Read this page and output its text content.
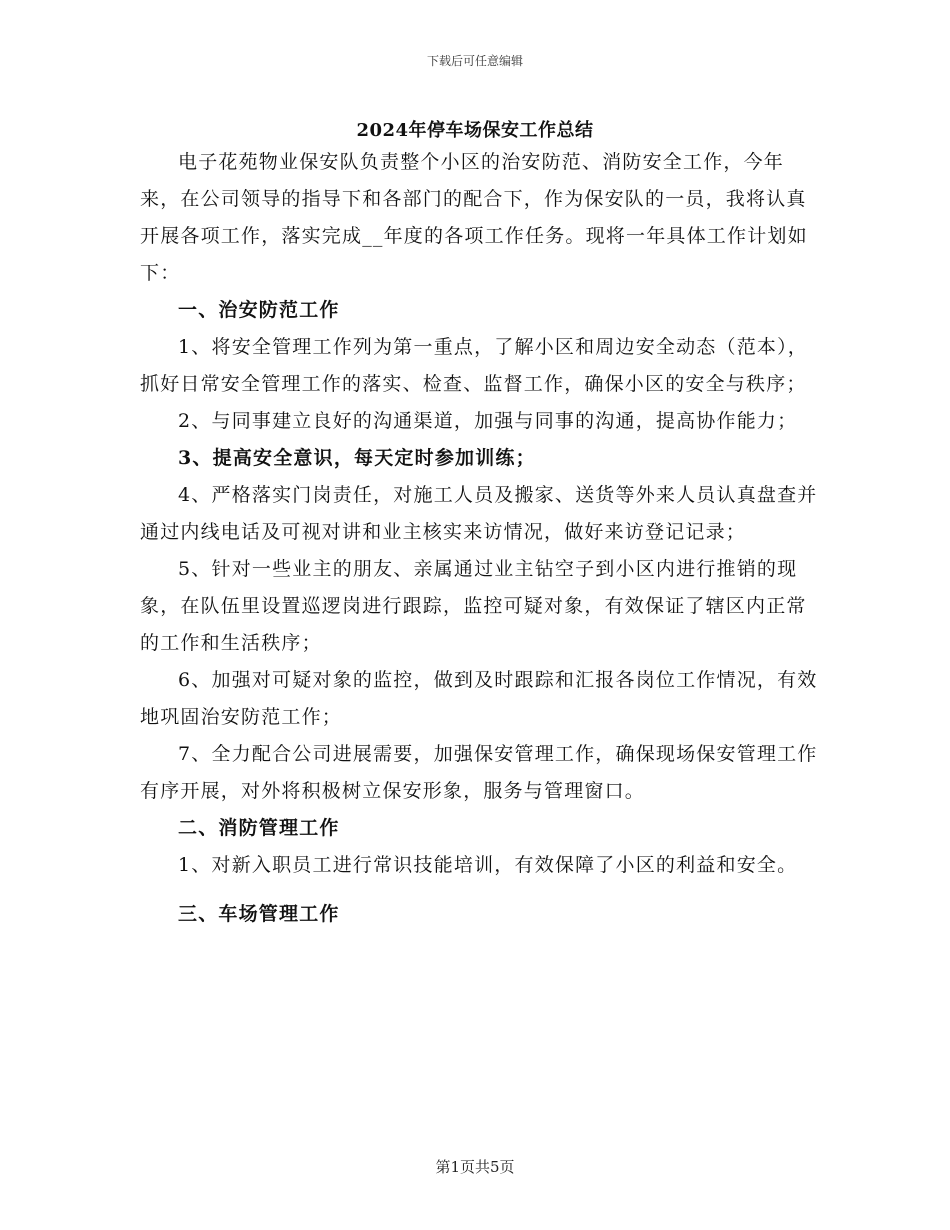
下载后可任意编辑
2024年停车场保安工作总结

电子花苑物业保安队负责整个小区的治安防范、消防安全工作，今年来，在公司领导的指导下和各部门的配合下，作为保安队的一员，我将认真开展各项工作，落实完成__年度的各项工作任务。现将一年具体工作计划如下：

一、治安防范工作

1、将安全管理工作列为第一重点，了解小区和周边安全动态（范本），抓好日常安全管理工作的落实、检查、监督工作，确保小区的安全与秩序；

2、与同事建立良好的沟通渠道，加强与同事的沟通，提高协作能力；

3、提高安全意识，每天定时参加训练；

4、严格落实门岗责任，对施工人员及搬家、送货等外来人员认真盘查并通过内线电话及可视对讲和业主核实来访情况，做好来访登记记录；

5、针对一些业主的朋友、亲属通过业主钻空子到小区内进行推销的现象，在队伍里设置巡逻岗进行跟踪，监控可疑对象，有效保证了辖区内正常的工作和生活秩序；

6、加强对可疑对象的监控，做到及时跟踪和汇报各岗位工作情况，有效地巩固治安防范工作；

7、全力配合公司进展需要，加强保安管理工作，确保现场保安管理工作有序开展，对外将积极树立保安形象，服务与管理窗口。

二、消防管理工作

1、对新入职员工进行常识技能培训，有效保障了小区的利益和安全。

三、车场管理工作

第1页共5页
